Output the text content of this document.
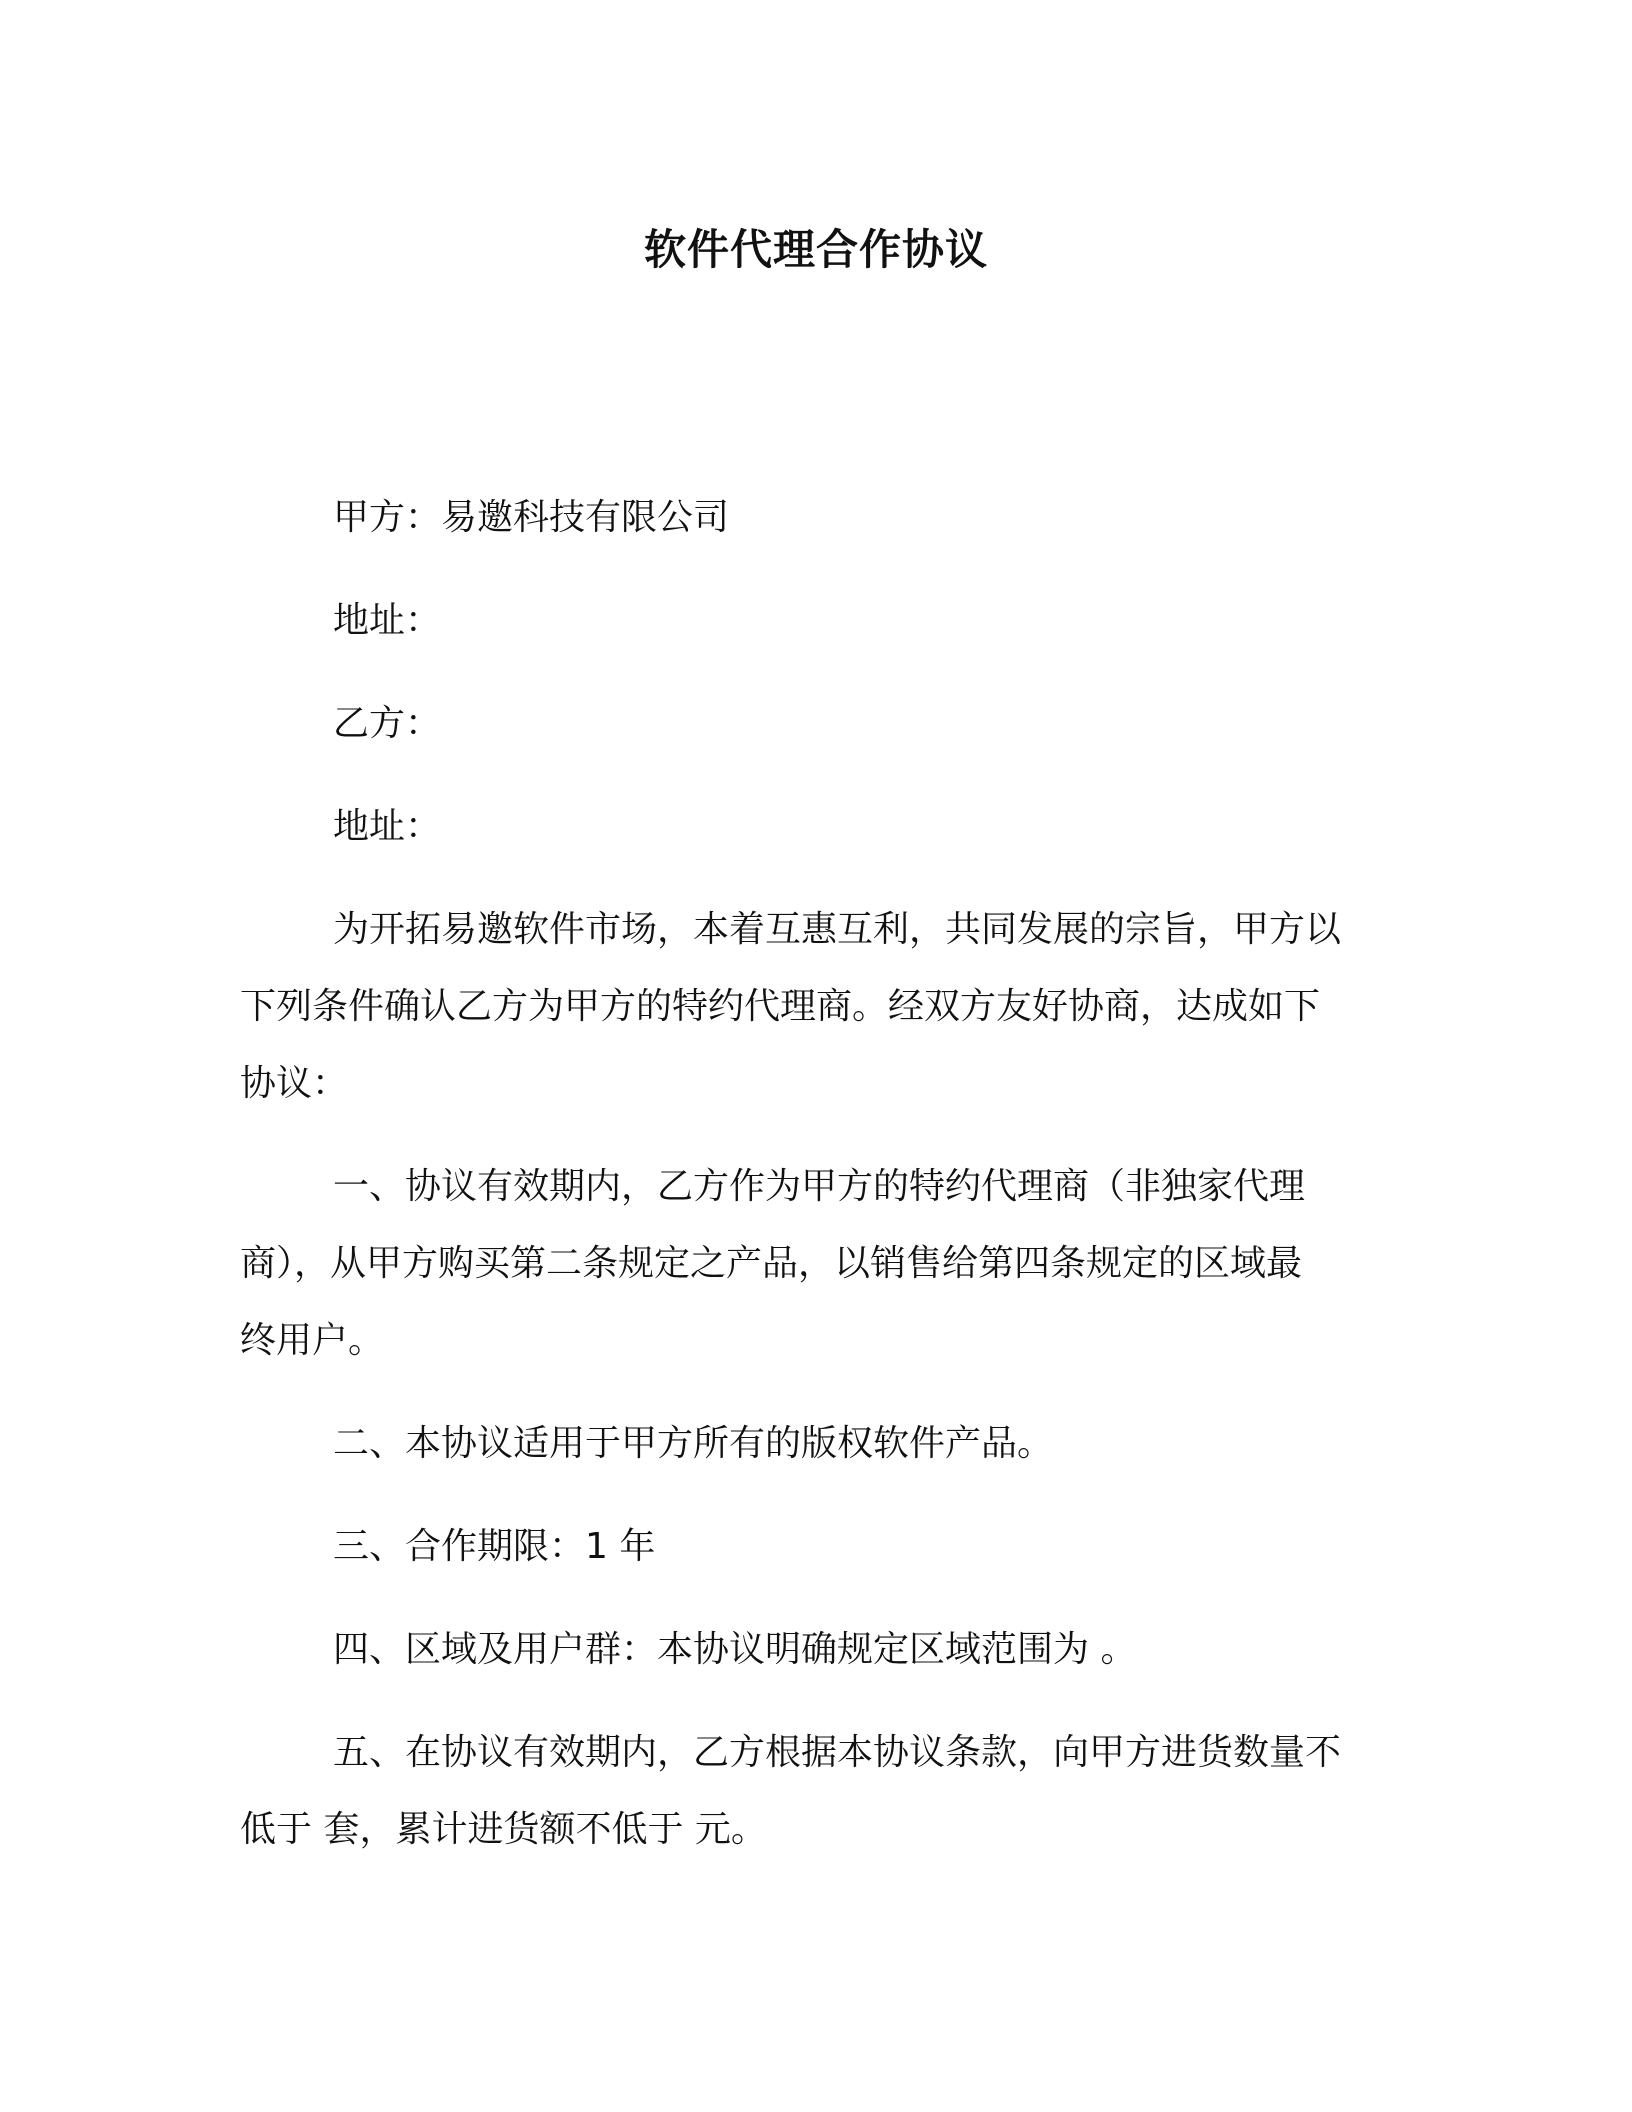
软件代理合作协议
甲方：易邀科技有限公司
地址：
乙方：
地址：
为开拓易邀软件市场，本着互惠互利，共同发展的宗旨，甲方以
下列条件确认乙方为甲方的特约代理商。经双方友好协商，达成如下
协议：
一、协议有效期内，乙方作为甲方的特约代理商（非独家代理
商），从甲方购买第二条规定之产品，以销售给第四条规定的区域最
终用户。
二、本协议适用于甲方所有的版权软件产品。
三、合作期限：1 年
四、区域及用户群：本协议明确规定区域范围为 。
五、在协议有效期内，乙方根据本协议条款，向甲方进货数量不
低于 套，累计进货额不低于 元。
